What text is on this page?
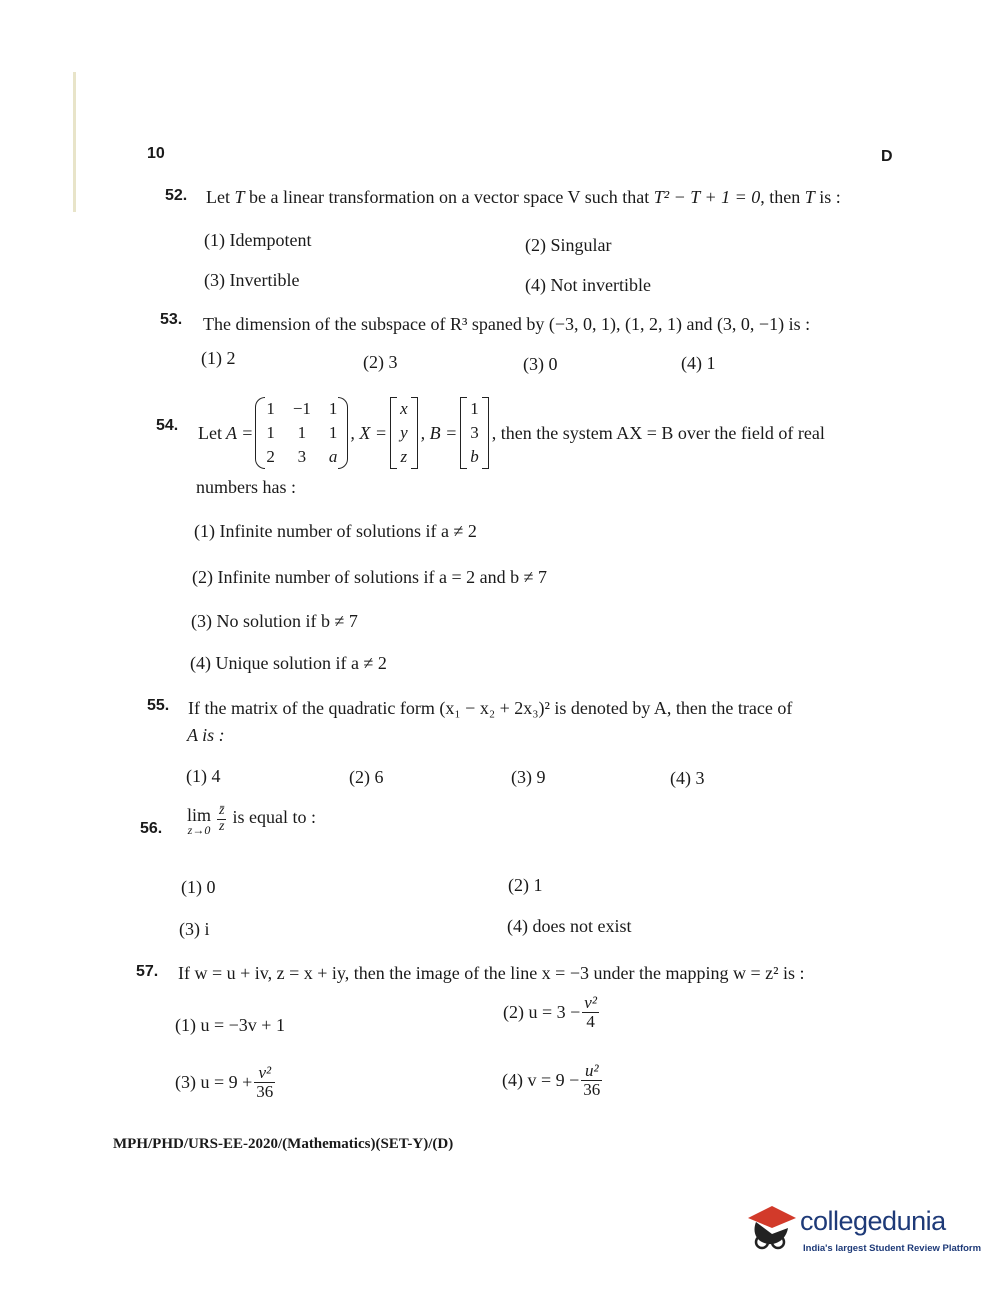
10	D
52. Let T be a linear transformation on a vector space V such that T² − T + 1 = 0, then T is :
(1) Idempotent	(2) Singular
(3) Invertible	(4) Not invertible
53. The dimension of the subspace of R³ spaned by (−3, 0, 1), (1, 2, 1) and (3, 0, −1) is :
(1) 2	(2) 3	(3) 0	(4) 1
54. Let A =
1	−1	1
1	1	1
2	3	a
, X =
x
y
z
, B =
1
3
b
, then the system AX = B over the field of real
numbers has :
(1) Infinite number of solutions if a ≠ 2
(2) Infinite number of solutions if a = 2 and b ≠ 7
(3) No solution if b ≠ 7
(4) Unique solution if a ≠ 2
55. If the matrix of the quadratic form (x₁ − x₂ + 2x₃)² is denoted by A, then the trace of
A is :
(1) 4	(2) 6	(3) 9	(4) 3
56.
lim
$z\to 0 \frac{z̄}{z}$ is equal to :
(1) 0	(2) 1
(3) i	(4) does not exist
57. If w = u + iv, z = x + iy, then the image of the line x = −3 under the mapping w = z² is :
(1) u = −3v + 1
(2) $u = 3 - \frac{\text{v²}}{4}$
(3) $u = 9 + \frac{\text{v²}}{36}$	(4) $v = 9 - \frac{\text{u²}}{36}$
MPH/PHD/URS-EE-2020/(Mathematics)(SET-Y)/(D)
collegedunia
India's largest Student Review Platform
